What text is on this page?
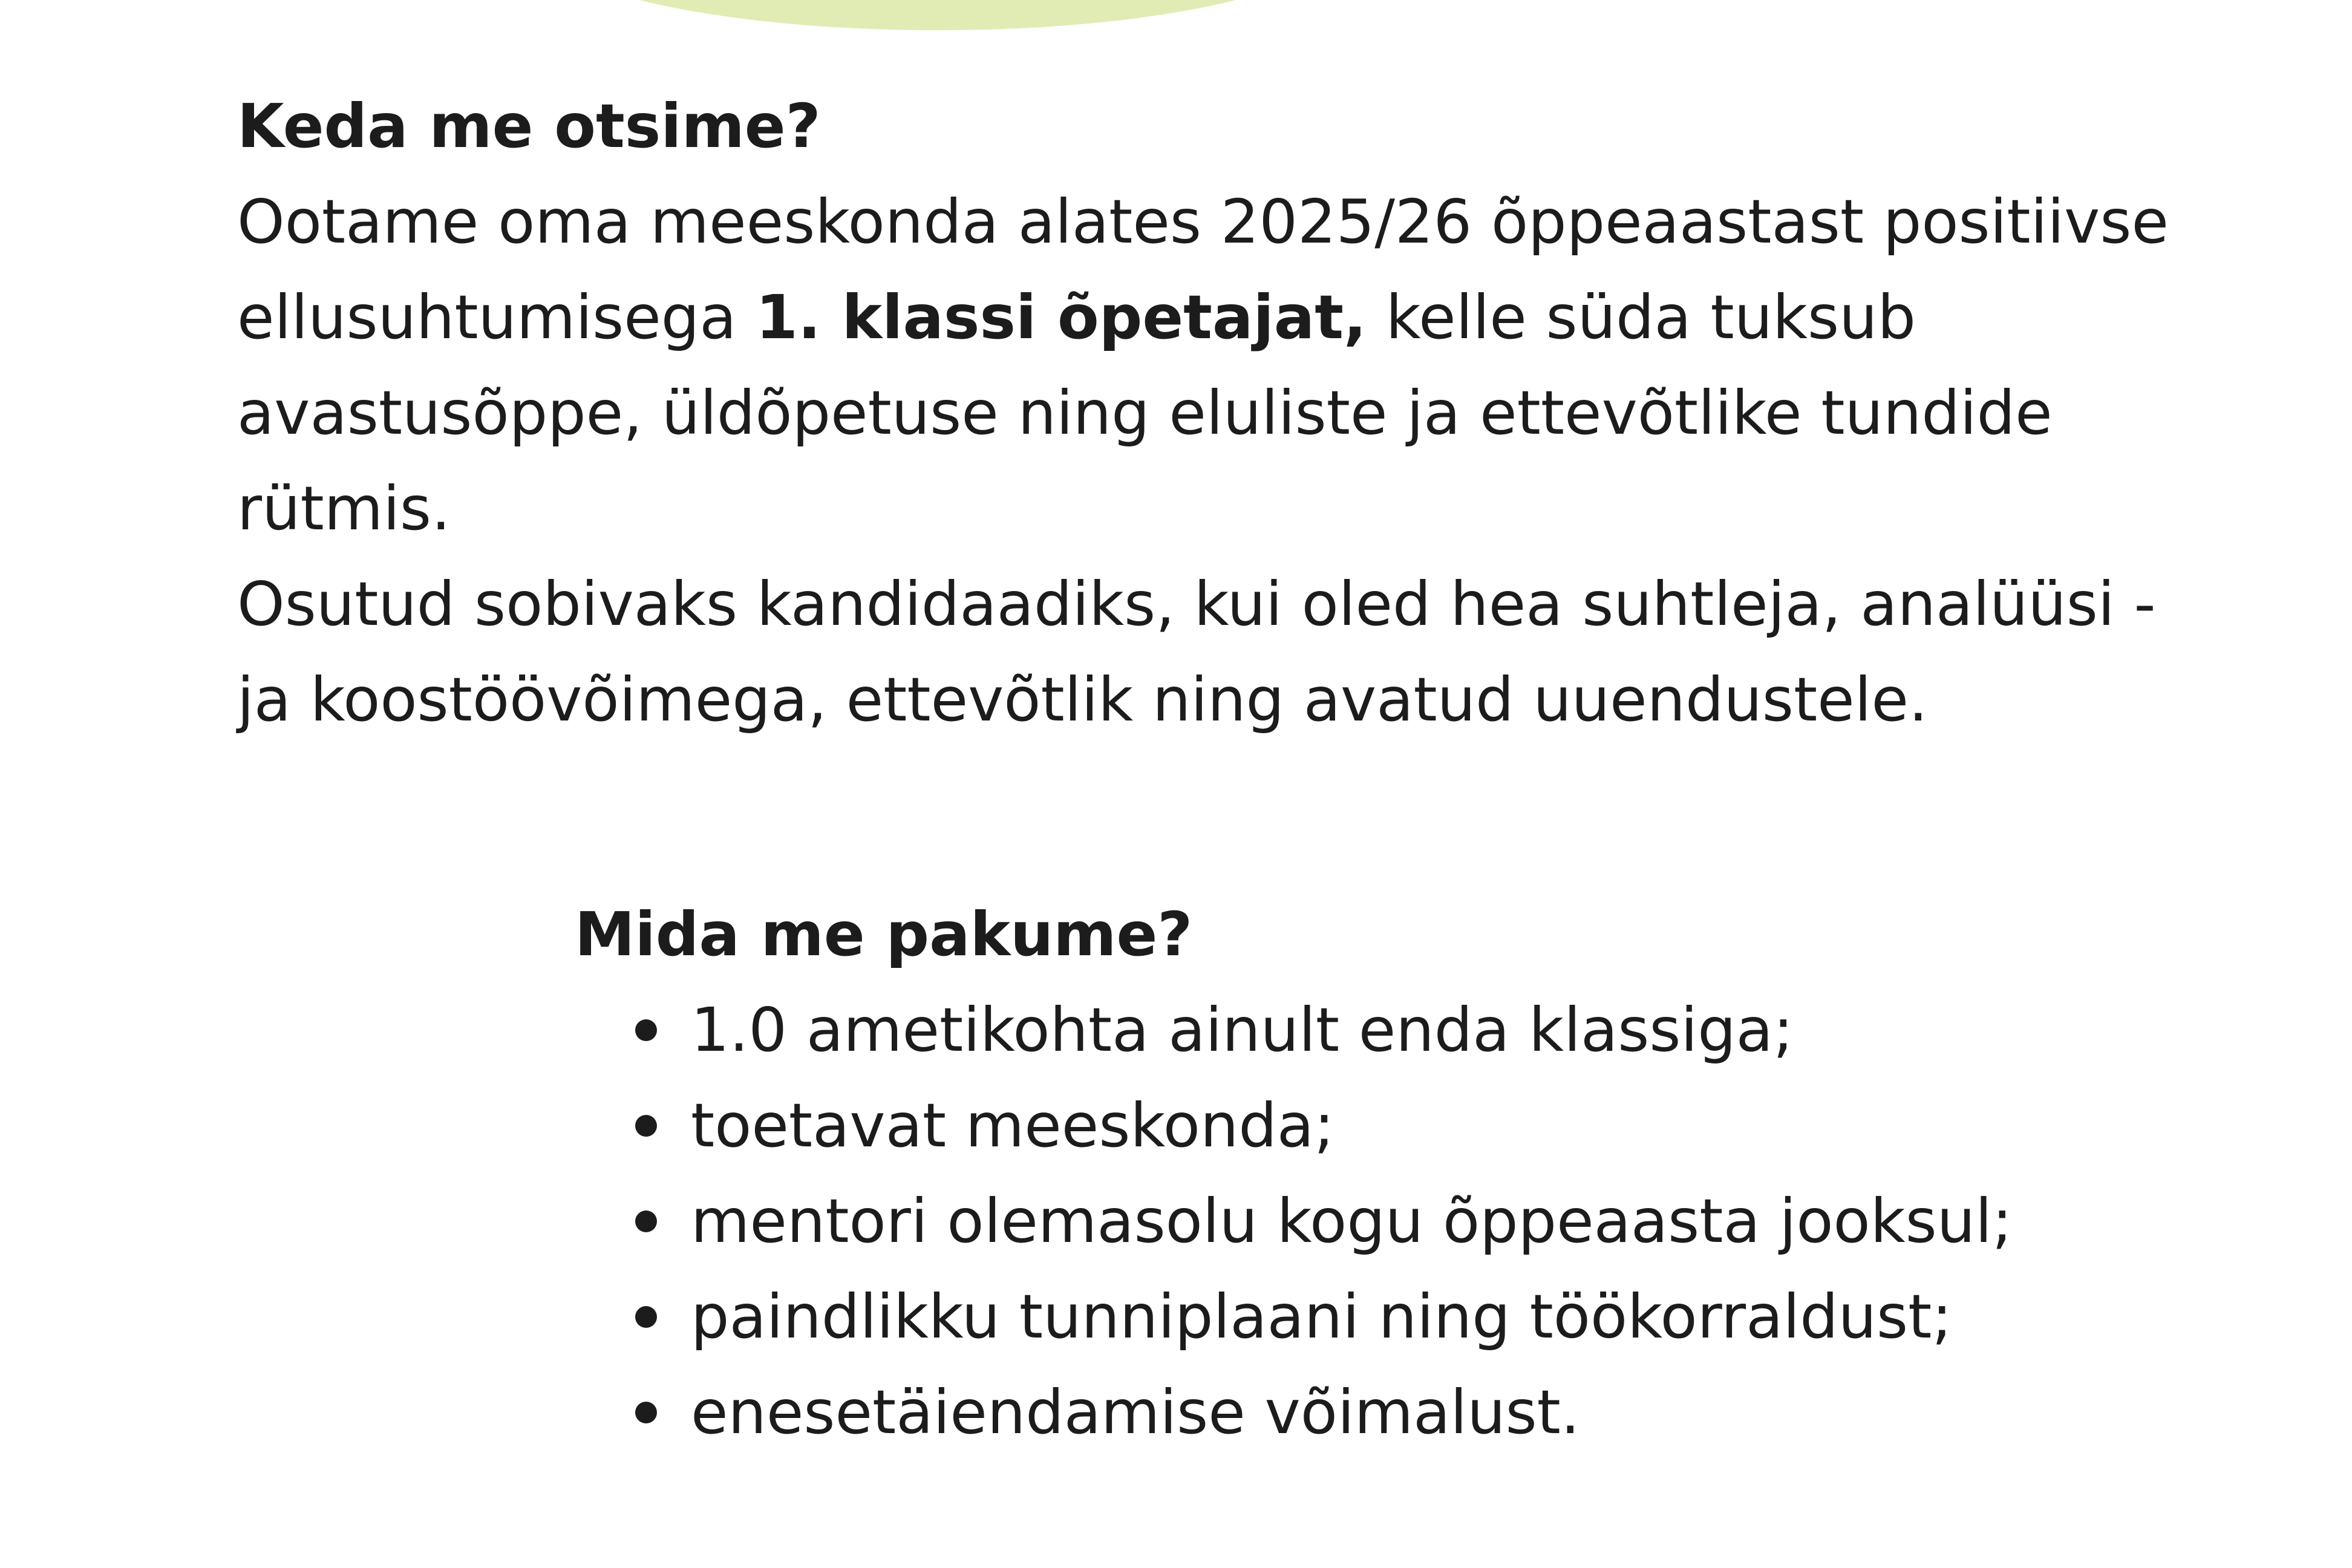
Keda me otsime?

Ootame oma meeskonda alates 2025/26 õppeaastast positiivse ellusuhtumisega 1. klassi õpetajat, kelle süda tuksub avastusõppe, üldõpetuse ning eluliste ja ettevõtlike tundide rütmis.

Osutud sobivaks kandidaadiks, kui oled hea suhtleja, analüüsi -ja koostöövõimega, ettevõtlik ning avatud uuendustele.

Mida me pakume?
1.0 ametikohta ainult enda klassiga;
toetavat meeskonda;
mentori olemasolu kogu õppeaasta jooksul;
paindlikku tunniplaani ning töökorraldust;
enesetäiendamise võimalust.
